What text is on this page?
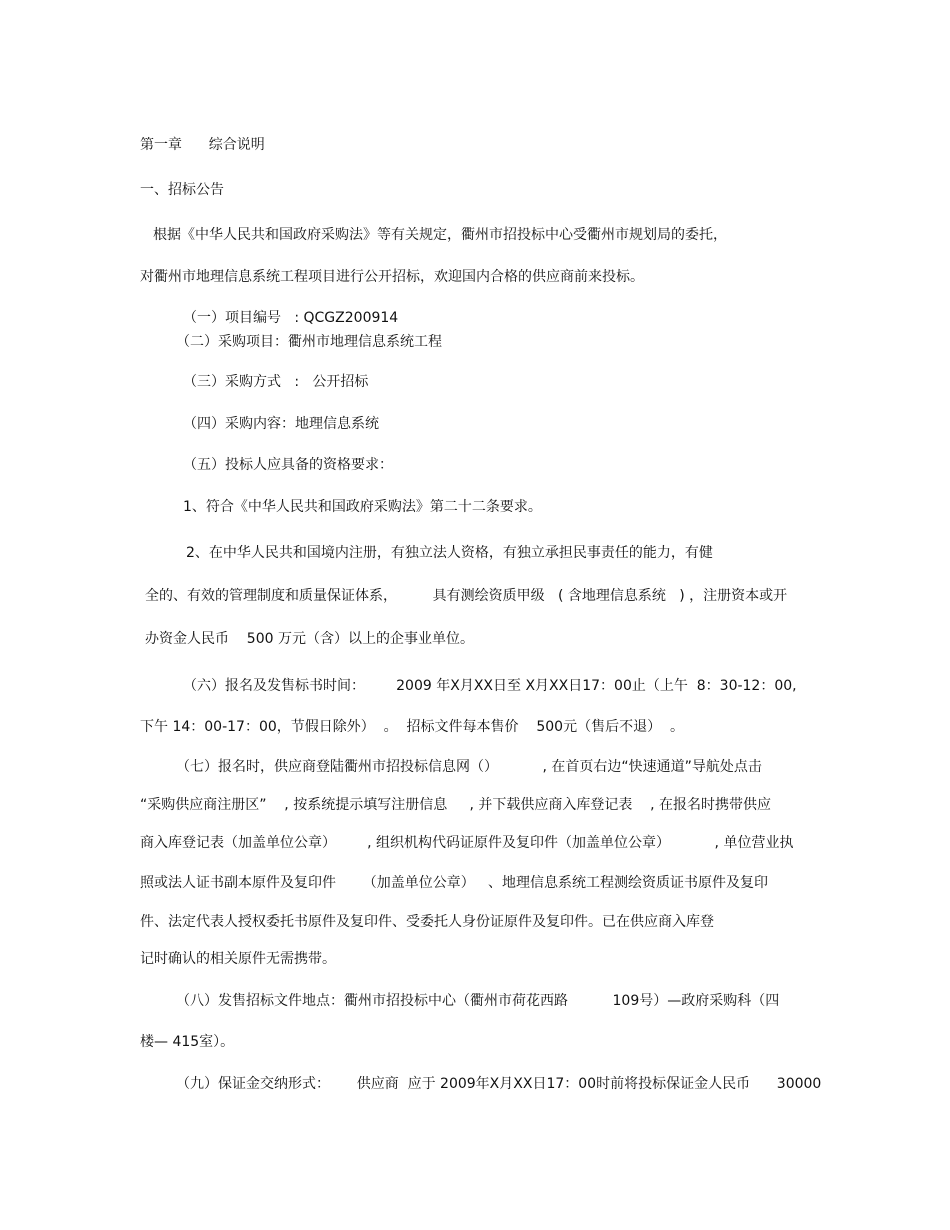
第一章      综合说明

一、招标公告

根据《中华人民共和国政府采购法》等有关规定，衢州市招投标中心受衢州市规划局的委托，

对衢州市地理信息系统工程项目进行公开招标，欢迎国内合格的供应商前来投标。

（一）项目编号   : QCGZ200914

（二）采购项目：衢州市地理信息系统工程

（三）采购方式   :   公开招标

（四）采购内容：地理信息系统

（五）投标人应具备的资格要求：

1、符合《中华人民共和国政府采购法》第二十二条要求。

2、在中华人民共和国境内注册，有独立法人资格，有独立承担民事责任的能力，有健

全的、有效的管理制度和质量保证体系，        具有测绘资质甲级   ( 含地理信息系统   ) ，注册资本或开

办资金人民币    500 万元（含）以上的企事业单位。

（六）报名及发售标书时间：       2009 年X月XX日至 X月XX日17：00止（上午  8：30-12：00,

下午 14：00-17：00，节假日除外）  。  招标文件每本售价    500元（售后不退）  。

（七）报名时，供应商登陆衢州市招投标信息网（）          , 在首页右边“快速通道”导航处点击

“采购供应商注册区”    , 按系统提示填写注册信息     , 并下载供应商入库登记表    , 在报名时携带供应

商入库登记表（加盖单位公章）       , 组织机构代码证原件及复印件（加盖单位公章）          , 单位营业执

照或法人证书副本原件及复印件      （加盖单位公章）   、地理信息系统工程测绘资质证书原件及复印

件、法定代表人授权委托书原件及复印件、受委托人身份证原件及复印件。已在供应商入库登

记时确认的相关原件无需携带。

（八）发售招标文件地点：衢州市招投标中心（衢州市荷花西路          109号）—政府采购科（四

楼— 415室）。

（九）保证金交纳形式：      供应商  应于 2009年X月XX日17：00时前将投标保证金人民币      30000
